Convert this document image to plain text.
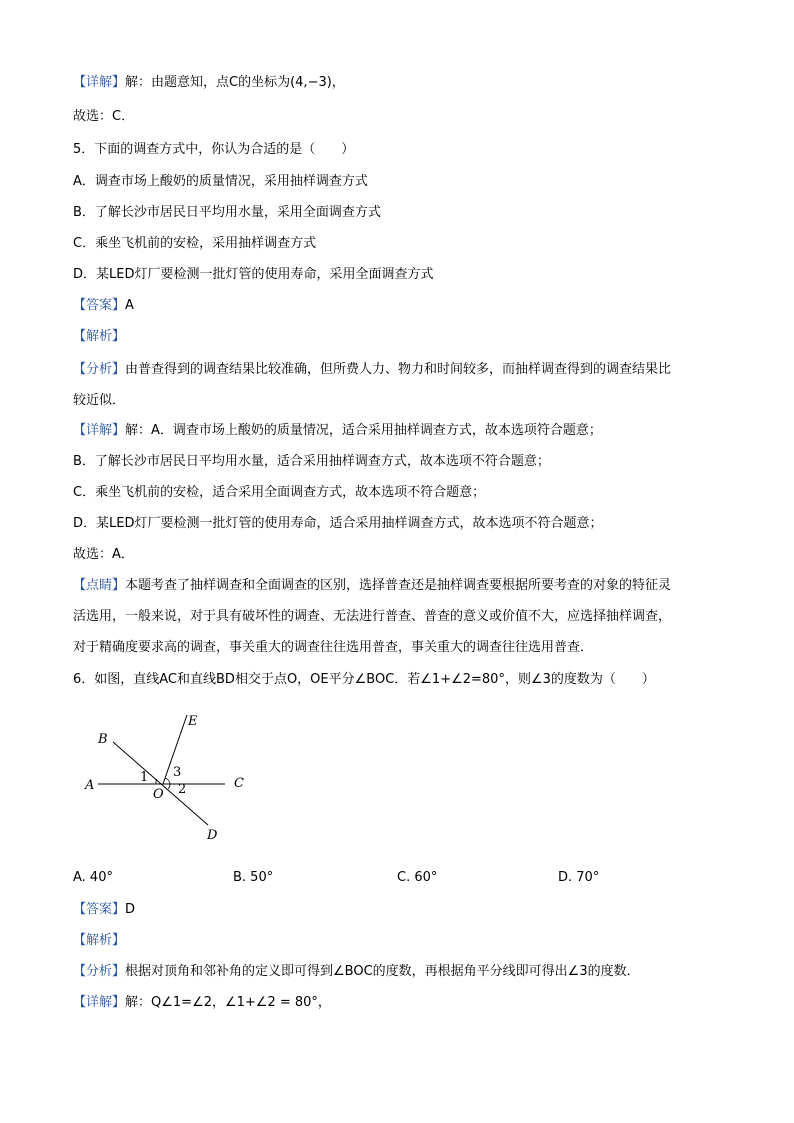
【详解】解：由题意知，点C的坐标为(4,−3)，
故选：C．
5．下面的调查方式中，你认为合适的是（　　）
A．调查市场上酸奶的质量情况，采用抽样调查方式
B．了解长沙市居民日平均用水量，采用全面调查方式
C．乘坐飞机前的安检，采用抽样调查方式
D．某LED灯厂要检测一批灯管的使用寿命，采用全面调查方式
【答案】A
【解析】
【分析】由普查得到的调查结果比较准确，但所费人力、物力和时间较多，而抽样调查得到的调查结果比
较近似．
【详解】解：A．调查市场上酸奶的质量情况，适合采用抽样调查方式，故本选项符合题意；
B．了解长沙市居民日平均用水量，适合采用抽样调查方式，故本选项不符合题意；
C．乘坐飞机前的安检，适合采用全面调查方式，故本选项不符合题意；
D．某LED灯厂要检测一批灯管的使用寿命，适合采用抽样调查方式，故本选项不符合题意；
故选：A．
【点睛】本题考查了抽样调查和全面调查的区别，选择普查还是抽样调查要根据所要考查的对象的特征灵
活选用，一般来说，对于具有破坏性的调查、无法进行普查、普查的意义或价值不大，应选择抽样调查，
对于精确度要求高的调查，事关重大的调查往往选用普查，事关重大的调查往往选用普查．
6．如图，直线AC和直线BD相交于点O，OE平分∠BOC．若∠1+∠2=80°，则∠3的度数为（　　）
B
E
A	C
O
D
1 3
2
A. 40°	B. 50°	C. 60°	D. 70°
【答案】D
【解析】
【分析】根据对顶角和邻补角的定义即可得到∠BOC的度数，再根据角平分线即可得出∠3的度数．
【详解】解：Q∠1=∠2，∠1+∠2 = 80°，
